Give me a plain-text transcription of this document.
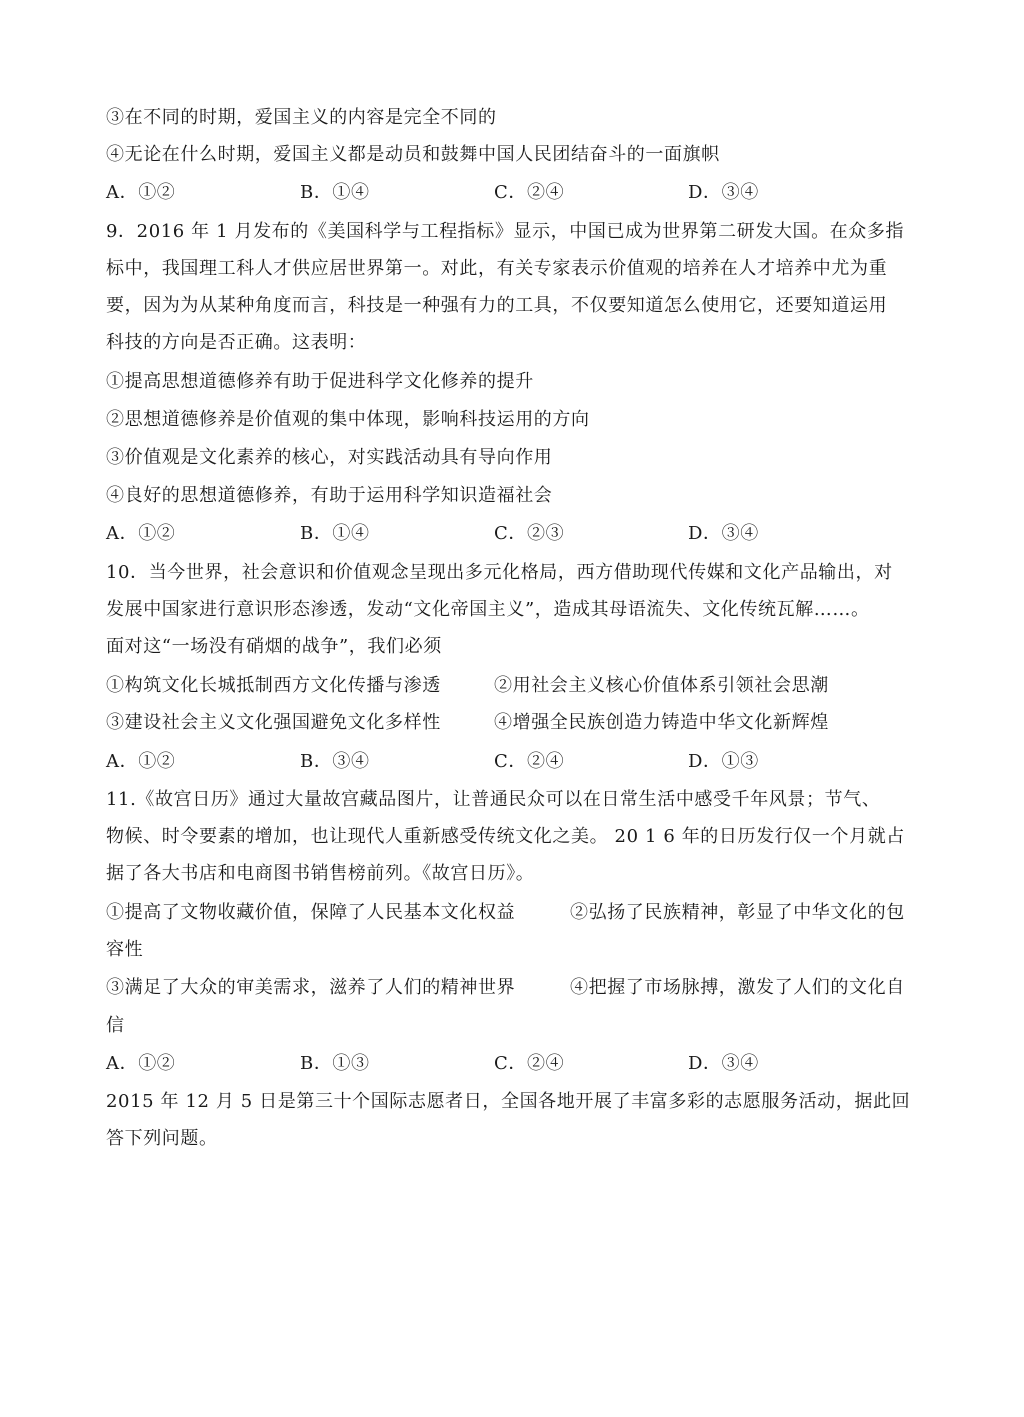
③在不同的时期，爱国主义的内容是完全不同的
④无论在什么时期，爱国主义都是动员和鼓舞中国人民团结奋斗的一面旗帜
A．①②	B．①④	C．②④	D．③④
9．2016 年 1 月发布的《美国科学与工程指标》显示，中国已成为世界第二研发大国。在众多指
标中，我国理工科人才供应居世界第一。对此，有关专家表示价值观的培养在人才培养中尤为重
要，因为为从某种角度而言，科技是一种强有力的工具，不仅要知道怎么使用它，还要知道运用
科技的方向是否正确。这表明：
①提高思想道德修养有助于促进科学文化修养的提升
②思想道德修养是价值观的集中体现，影响科技运用的方向
③价值观是文化素养的核心，对实践活动具有导向作用
④良好的思想道德修养，有助于运用科学知识造福社会
A．①②	B．①④	C．②③	D．③④
10．当今世界，社会意识和价值观念呈现出多元化格局，西方借助现代传媒和文化产品输出，对
发展中国家进行意识形态渗透，发动“文化帝国主义”，造成其母语流失、文化传统瓦解……。
面对这“一场没有硝烟的战争”，我们必须
①构筑文化长城抵制西方文化传播与渗透	②用社会主义核心价值体系引领社会思潮
③建设社会主义文化强国避免文化多样性	④增强全民族创造力铸造中华文化新辉煌
A．①②	B．③④	C．②④	D．①③
11.《故宫日历》通过大量故宫藏品图片，让普通民众可以在日常生活中感受千年风景；节气、
物候、时令要素的增加，也让现代人重新感受传统文化之美。 20 1 6 年的日历发行仅一个月就占
据了各大书店和电商图书销售榜前列。《故宫日历》。
①提高了文物收藏价值，保障了人民基本文化权益	②弘扬了民族精神，彰显了中华文化的包
容性
③满足了大众的审美需求，滋养了人们的精神世界	④把握了市场脉搏，激发了人们的文化自
信
A．①②	B．①③	C．②④	D．③④
2015 年 12 月 5 日是第三十个国际志愿者日，全国各地开展了丰富多彩的志愿服务活动，据此回
答下列问题。
